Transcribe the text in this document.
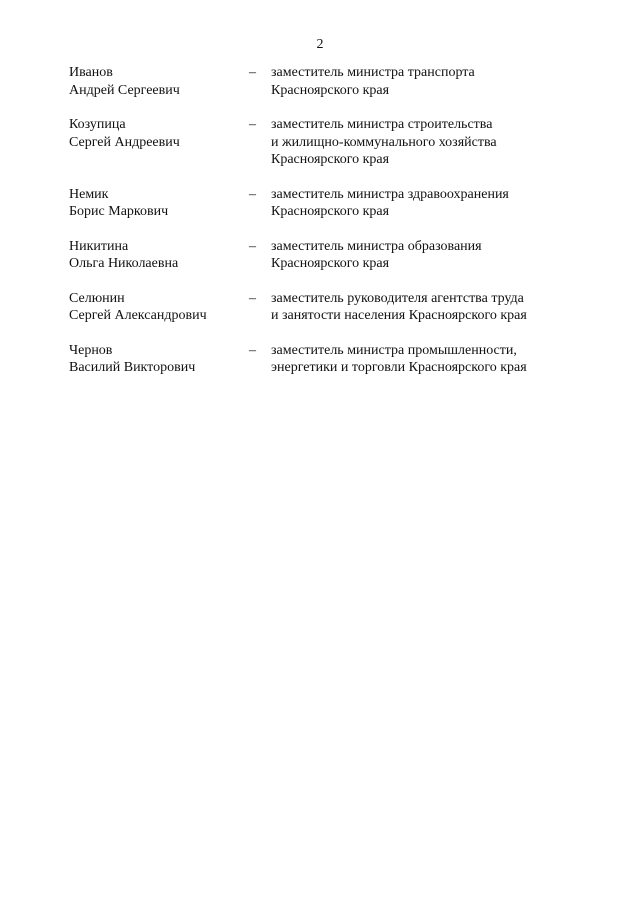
2
Иванов
Андрей Сергеевич
–	заместитель министра транспорта
Красноярского края
Козупица
Сергей Андреевич
–	заместитель министра строительства
и жилищно-коммунального хозяйства
Красноярского края
Немик
Борис Маркович
–	заместитель министра здравоохранения
Красноярского края
Никитина
Ольга Николаевна
–	заместитель министра образования
Красноярского края
Селюнин
Сергей Александрович
–	заместитель руководителя агентства труда
и занятости населения Красноярского края
Чернов
Василий Викторович
–	заместитель министра промышленности,
энергетики и торговли Красноярского края
